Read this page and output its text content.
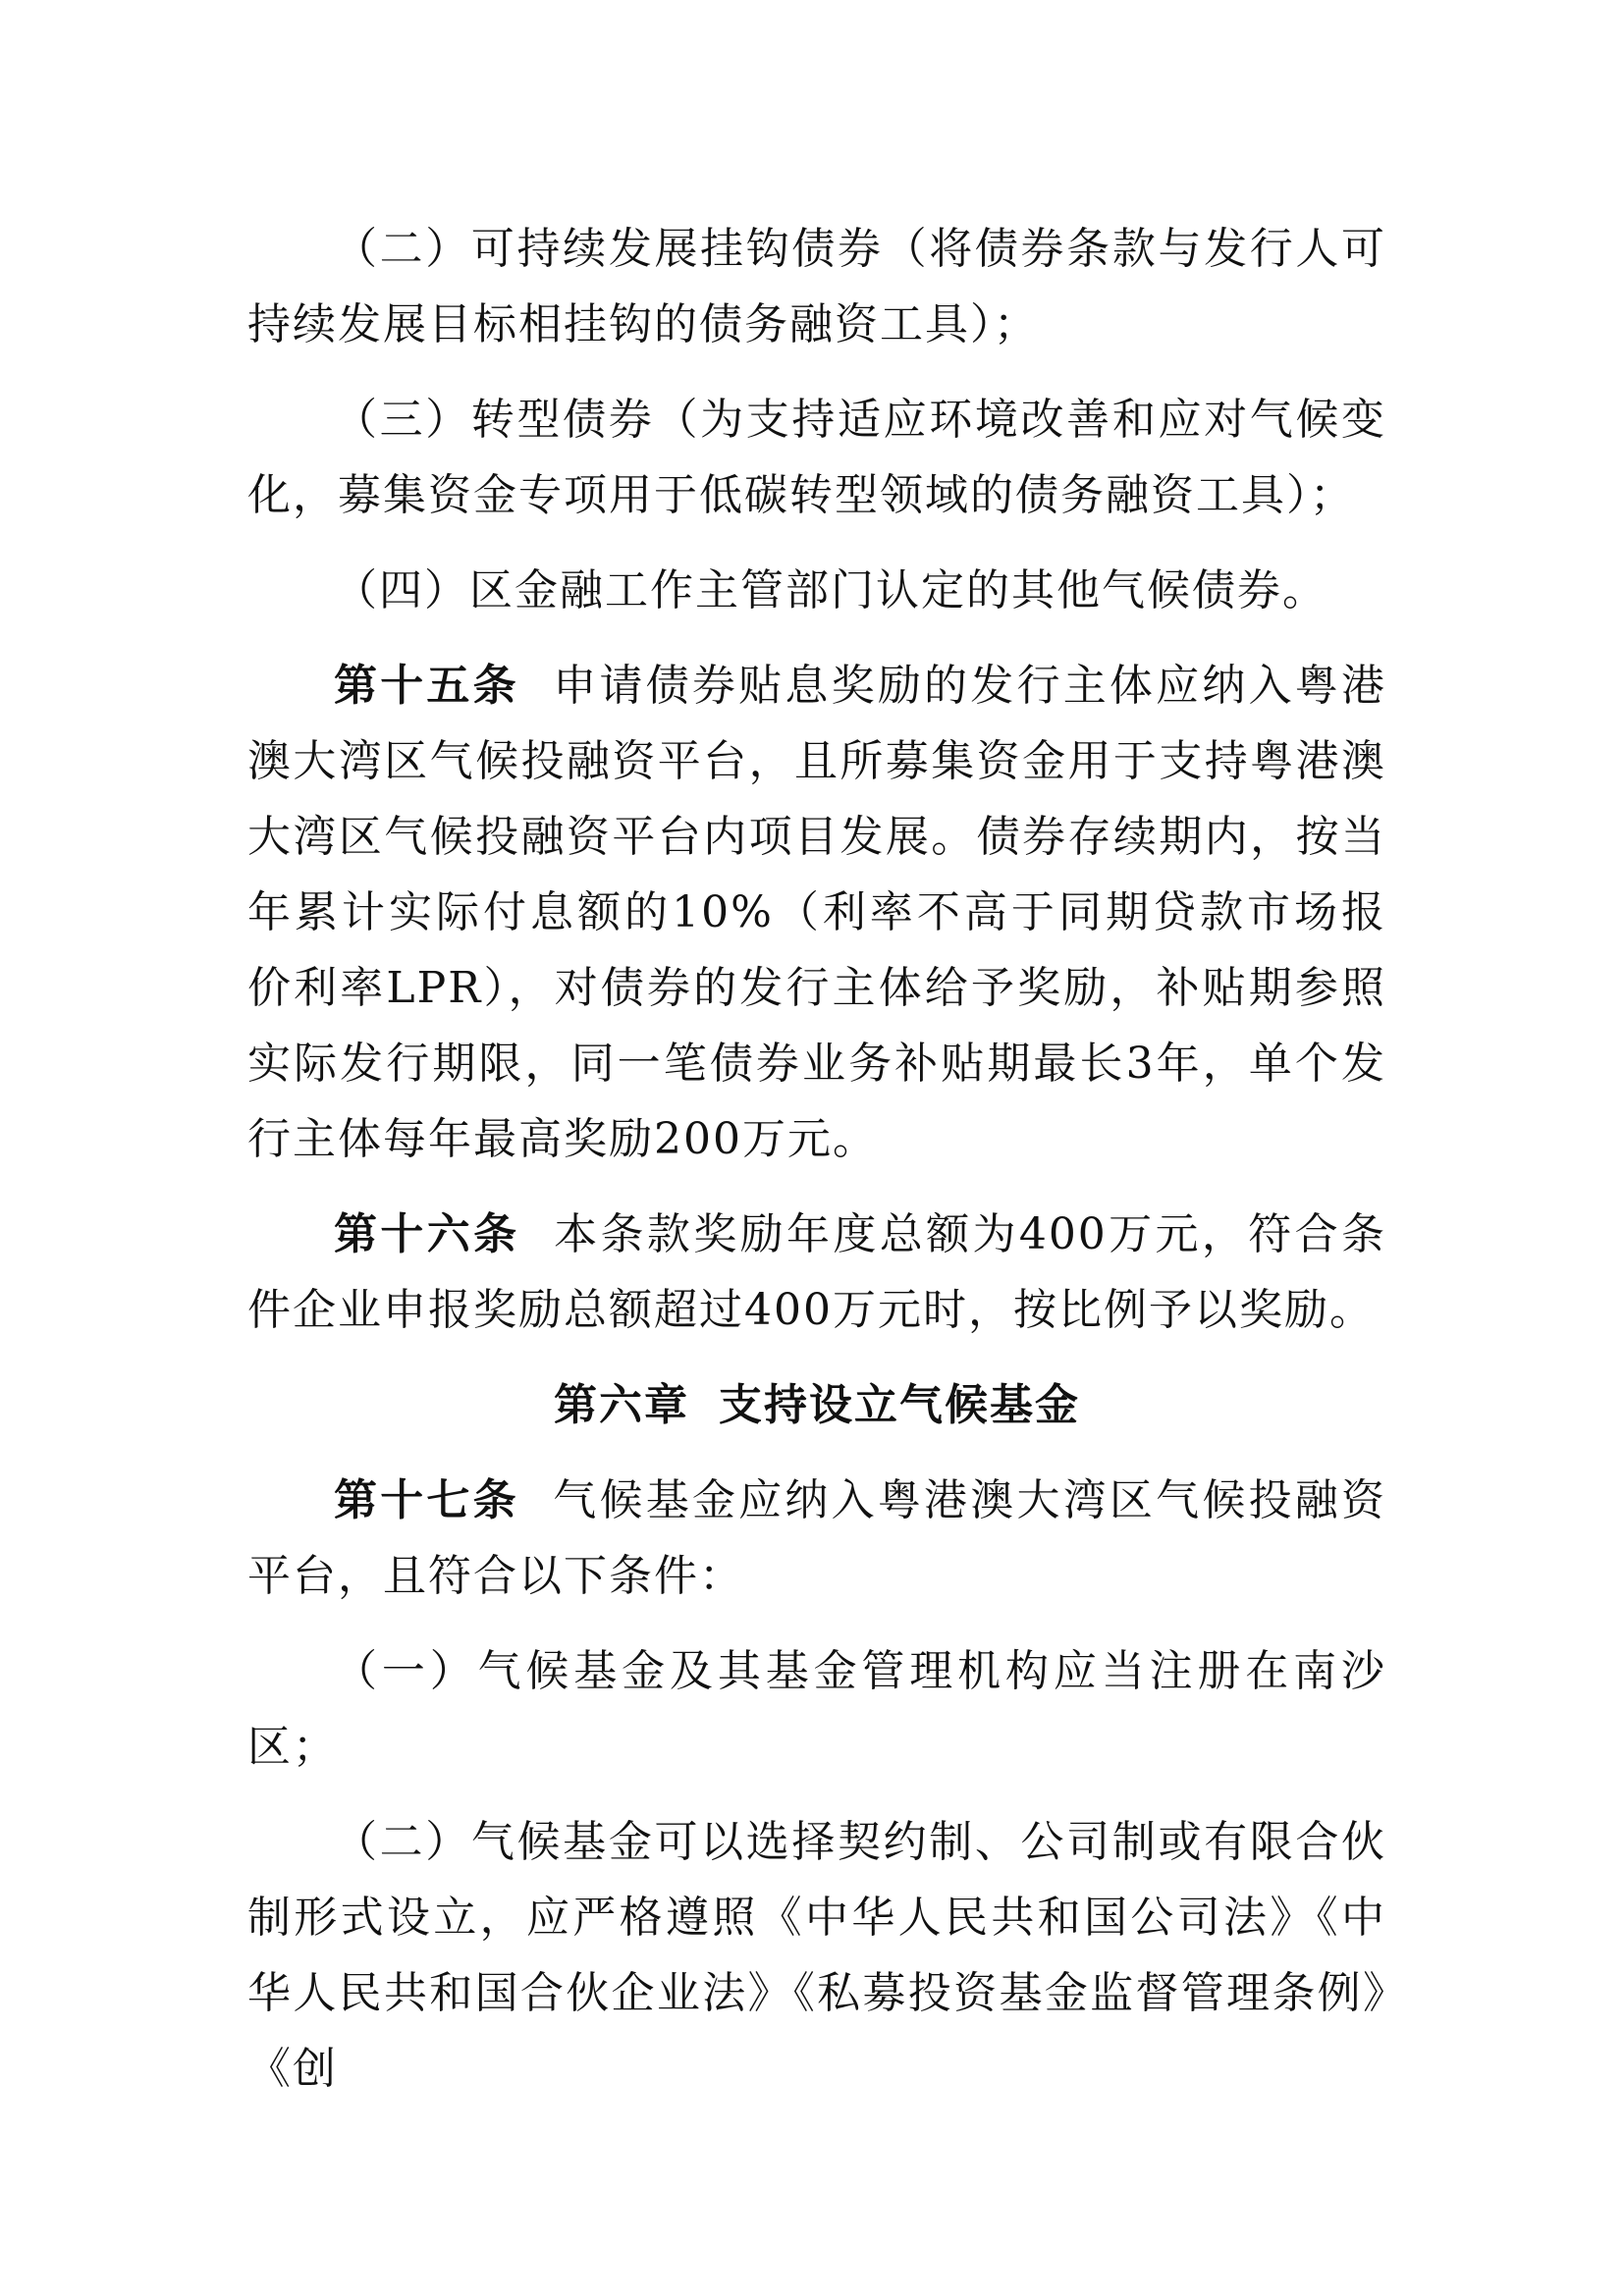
（二）可持续发展挂钩债券（将债券条款与发行人可持续发展目标相挂钩的债务融资工具）；

（三）转型债券（为支持适应环境改善和应对气候变化，募集资金专项用于低碳转型领域的债务融资工具）；

（四）区金融工作主管部门认定的其他气候债券。

第十五条 申请债券贴息奖励的发行主体应纳入粤港澳大湾区气候投融资平台，且所募集资金用于支持粤港澳大湾区气候投融资平台内项目发展。债券存续期内，按当年累计实际付息额的10%（利率不高于同期贷款市场报价利率LPR），对债券的发行主体给予奖励，补贴期参照实际发行期限，同一笔债券业务补贴期最长3年，单个发行主体每年最高奖励200万元。

第十六条 本条款奖励年度总额为400万元，符合条件企业申报奖励总额超过400万元时，按比例予以奖励。

第六章 支持设立气候基金

第十七条 气候基金应纳入粤港澳大湾区气候投融资平台，且符合以下条件：

（一）气候基金及其基金管理机构应当注册在南沙区；

（二）气候基金可以选择契约制、公司制或有限合伙制形式设立，应严格遵照《中华人民共和国公司法》《中华人民共和国合伙企业法》《私募投资基金监督管理条例》《创
